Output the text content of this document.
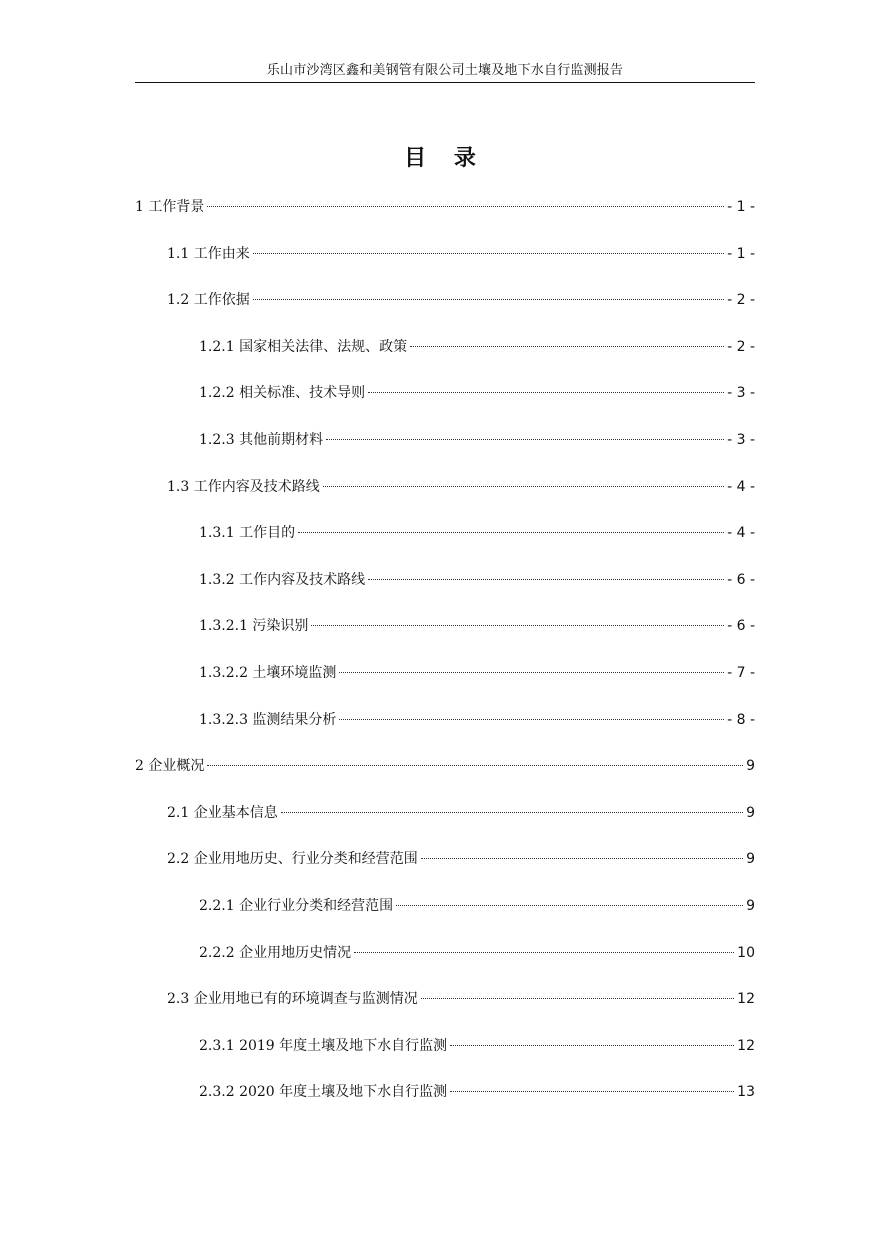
乐山市沙湾区鑫和美钢管有限公司土壤及地下水自行监测报告
目 录
1 工作背景	- 1 -
1.1 工作由来	- 1 -
1.2 工作依据	- 2 -
1.2.1 国家相关法律、法规、政策	- 2 -
1.2.2 相关标准、技术导则	- 3 -
1.2.3 其他前期材料	- 3 -
1.3 工作内容及技术路线	- 4 -
1.3.1 工作目的	- 4 -
1.3.2 工作内容及技术路线	- 6 -
1.3.2.1 污染识别	- 6 -
1.3.2.2 土壤环境监测	- 7 -
1.3.2.3 监测结果分析	- 8 -
2 企业概况	9
2.1 企业基本信息	9
2.2 企业用地历史、行业分类和经营范围	9
2.2.1 企业行业分类和经营范围	9
2.2.2 企业用地历史情况	10
2.3 企业用地已有的环境调查与监测情况	12
2.3.1 2019 年度土壤及地下水自行监测	12
2.3.2 2020 年度土壤及地下水自行监测	13
